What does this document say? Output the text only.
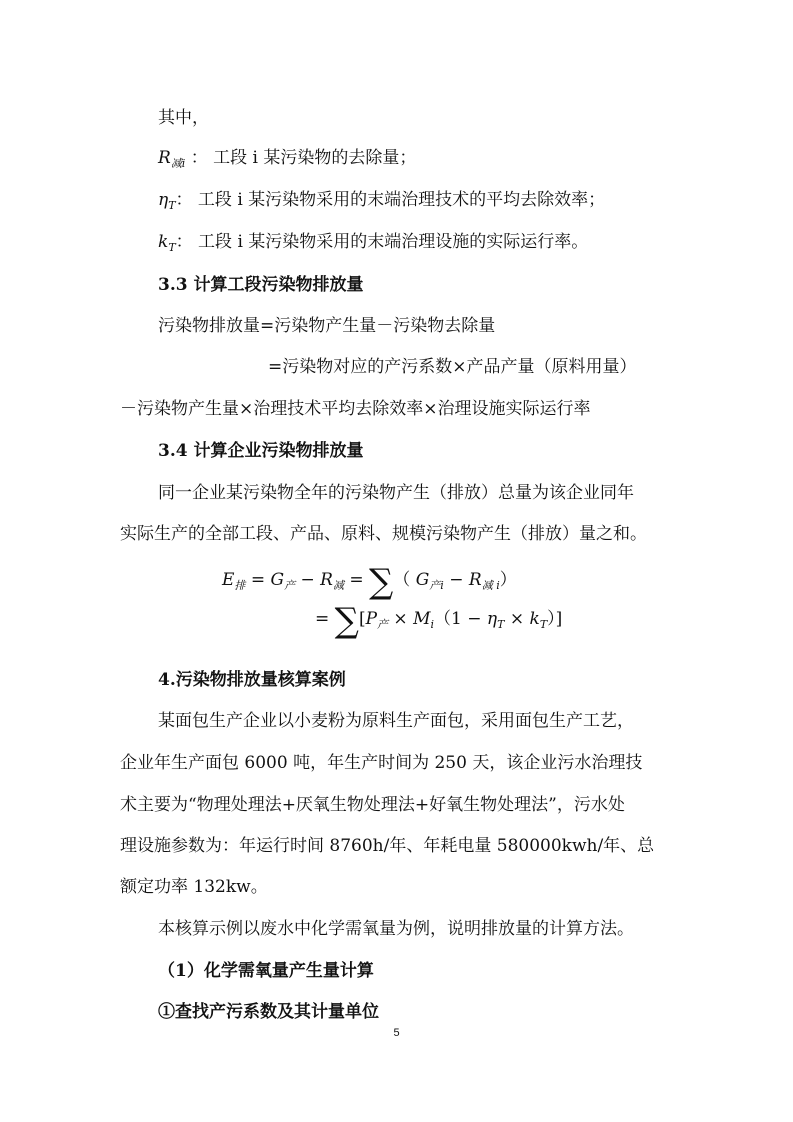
其中，
$R_{减i}$ ： 工段 i 某污染物的去除量；
$\eta_T$： 工段 i 某污染物采用的末端治理技术的平均去除效率；
$k_T$： 工段 i 某污染物采用的末端治理设施的实际运行率。
3.3 计算工段污染物排放量
污染物排放量=污染物产生量－污染物去除量
=污染物对应的产污系数×产品产量（原料用量）
－污染物产生量×治理技术平均去除效率×治理设施实际运行率
3.4 计算企业污染物排放量
同一企业某污染物全年的污染物产生（排放）总量为该企业同年
实际生产的全部工段、产品、原料、规模污染物产生（排放）量之和。
$E_排 = G_产 - R_减$ = ∑（ $G_{产i} - R_{减 i}$）
= $\sum[P_产 \times M_i(1 - \eta_T \times k_T)]$
4.污染物排放量核算案例
某面包生产企业以小麦粉为原料生产面包，采用面包生产工艺，
企业年生产面包 6000 吨，年生产时间为 250 天，该企业污水治理技
术主要为“物理处理法+厌氧生物处理法+好氧生物处理法”，污水处
理设施参数为：年运行时间 8760h/年、年耗电量 580000kwh/年、总
额定功率 132kw。
本核算示例以废水中化学需氧量为例，说明排放量的计算方法。
（1）化学需氧量产生量计算
①查找产污系数及其计量单位
5
